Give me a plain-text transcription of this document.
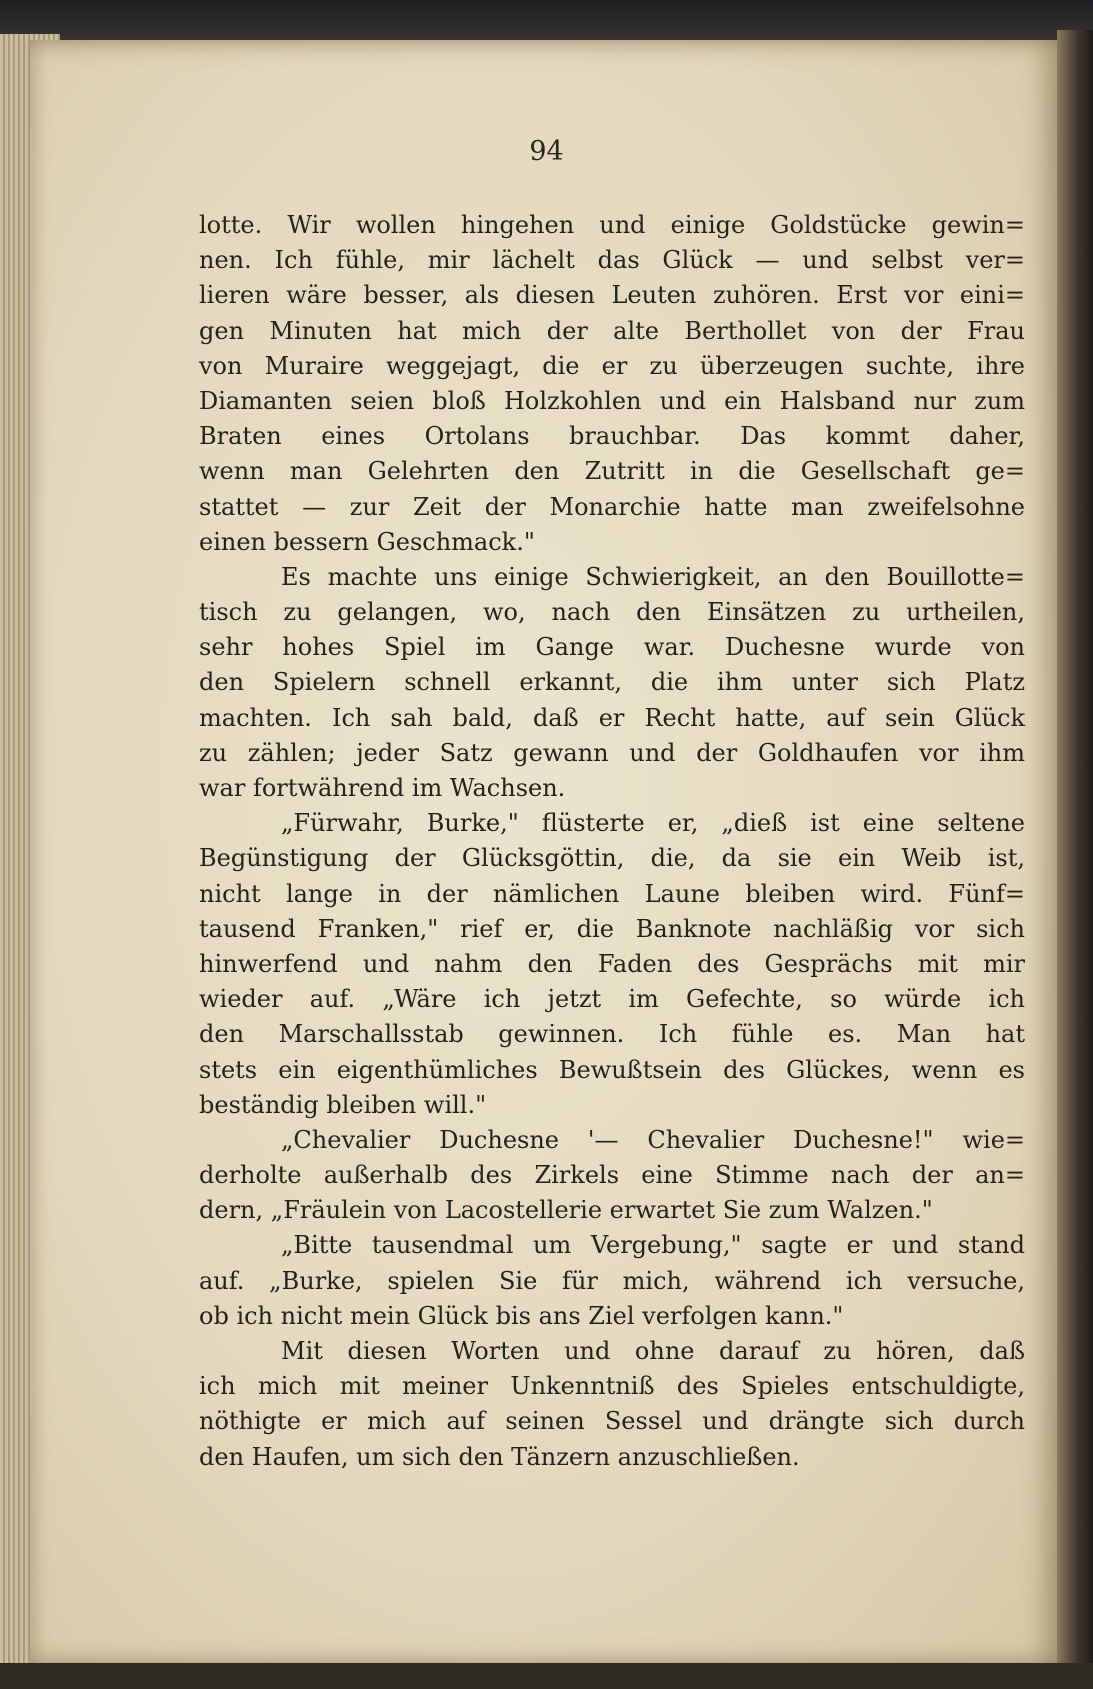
94
lotte. Wir wollen hingehen und einige Goldstücke gewin=
nen. Ich fühle, mir lächelt das Glück — und selbst ver=
lieren wäre besser, als diesen Leuten zuhören. Erst vor eini=
gen Minuten hat mich der alte Berthollet von der Frau
von Muraire weggejagt, die er zu überzeugen suchte, ihre
Diamanten seien bloß Holzkohlen und ein Halsband nur zum
Braten eines Ortolans brauchbar. Das kommt daher,
wenn man Gelehrten den Zutritt in die Gesellschaft ge=
stattet — zur Zeit der Monarchie hatte man zweifelsohne
einen bessern Geschmack."
Es machte uns einige Schwierigkeit, an den Bouillotte=
tisch zu gelangen, wo, nach den Einsätzen zu urtheilen,
sehr hohes Spiel im Gange war. Duchesne wurde von
den Spielern schnell erkannt, die ihm unter sich Platz
machten. Ich sah bald, daß er Recht hatte, auf sein Glück
zu zählen; jeder Satz gewann und der Goldhaufen vor ihm
war fortwährend im Wachsen.
„Fürwahr, Burke," flüsterte er, „dieß ist eine seltene
Begünstigung der Glücksgöttin, die, da sie ein Weib ist,
nicht lange in der nämlichen Laune bleiben wird. Fünf=
tausend Franken," rief er, die Banknote nachläßig vor sich
hinwerfend und nahm den Faden des Gesprächs mit mir
wieder auf. „Wäre ich jetzt im Gefechte, so würde ich
den Marschallsstab gewinnen. Ich fühle es. Man hat
stets ein eigenthümliches Bewußtsein des Glückes, wenn es
beständig bleiben will."
„Chevalier Duchesne '— Chevalier Duchesne!" wie=
derholte außerhalb des Zirkels eine Stimme nach der an=
dern, „Fräulein von Lacostellerie erwartet Sie zum Walzen."
„Bitte tausendmal um Vergebung," sagte er und stand
auf. „Burke, spielen Sie für mich, während ich versuche,
ob ich nicht mein Glück bis ans Ziel verfolgen kann."
Mit diesen Worten und ohne darauf zu hören, daß
ich mich mit meiner Unkenntniß des Spieles entschuldigte,
nöthigte er mich auf seinen Sessel und drängte sich durch
den Haufen, um sich den Tänzern anzuschließen.
